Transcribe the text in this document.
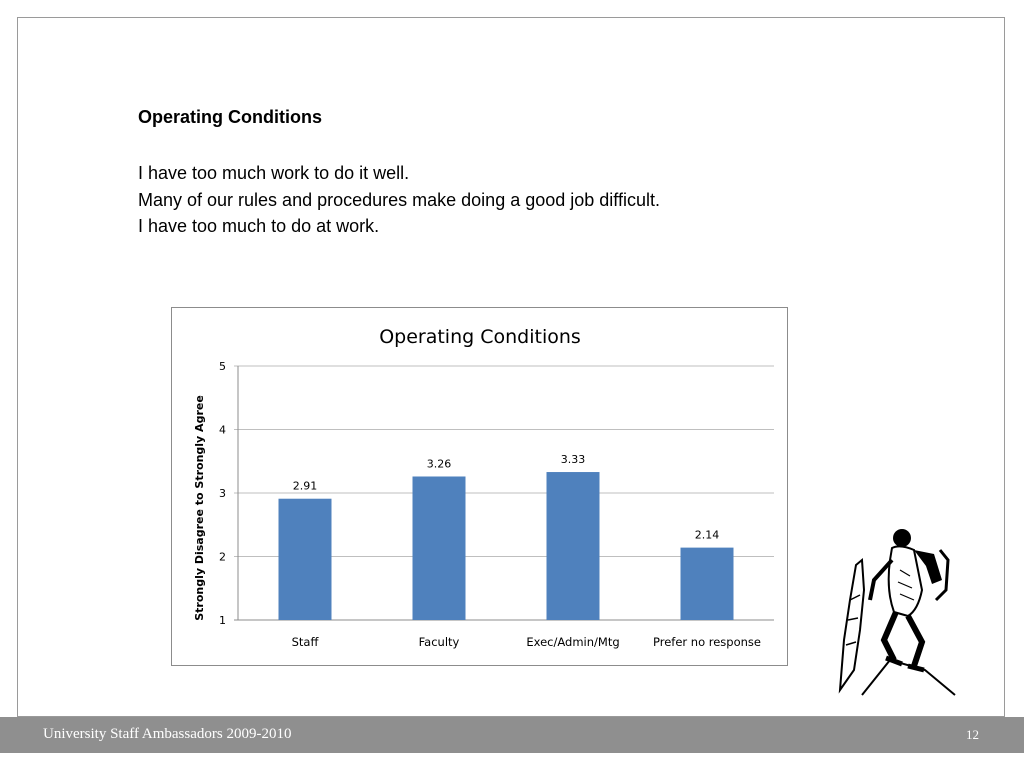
Operating Conditions
I have too much work to do it well.
Many of our rules and procedures make doing a good job difficult.
I have too much to do at work.
Operating Conditions
Strongly Disagree to Strongly Agree 1
2
3
4
5
2.91
Staff
3.26
Faculty
3.33
Exec/Admin/Mtg
2.14
Prefer no response
University Staff Ambassadors 2009-2010	12
